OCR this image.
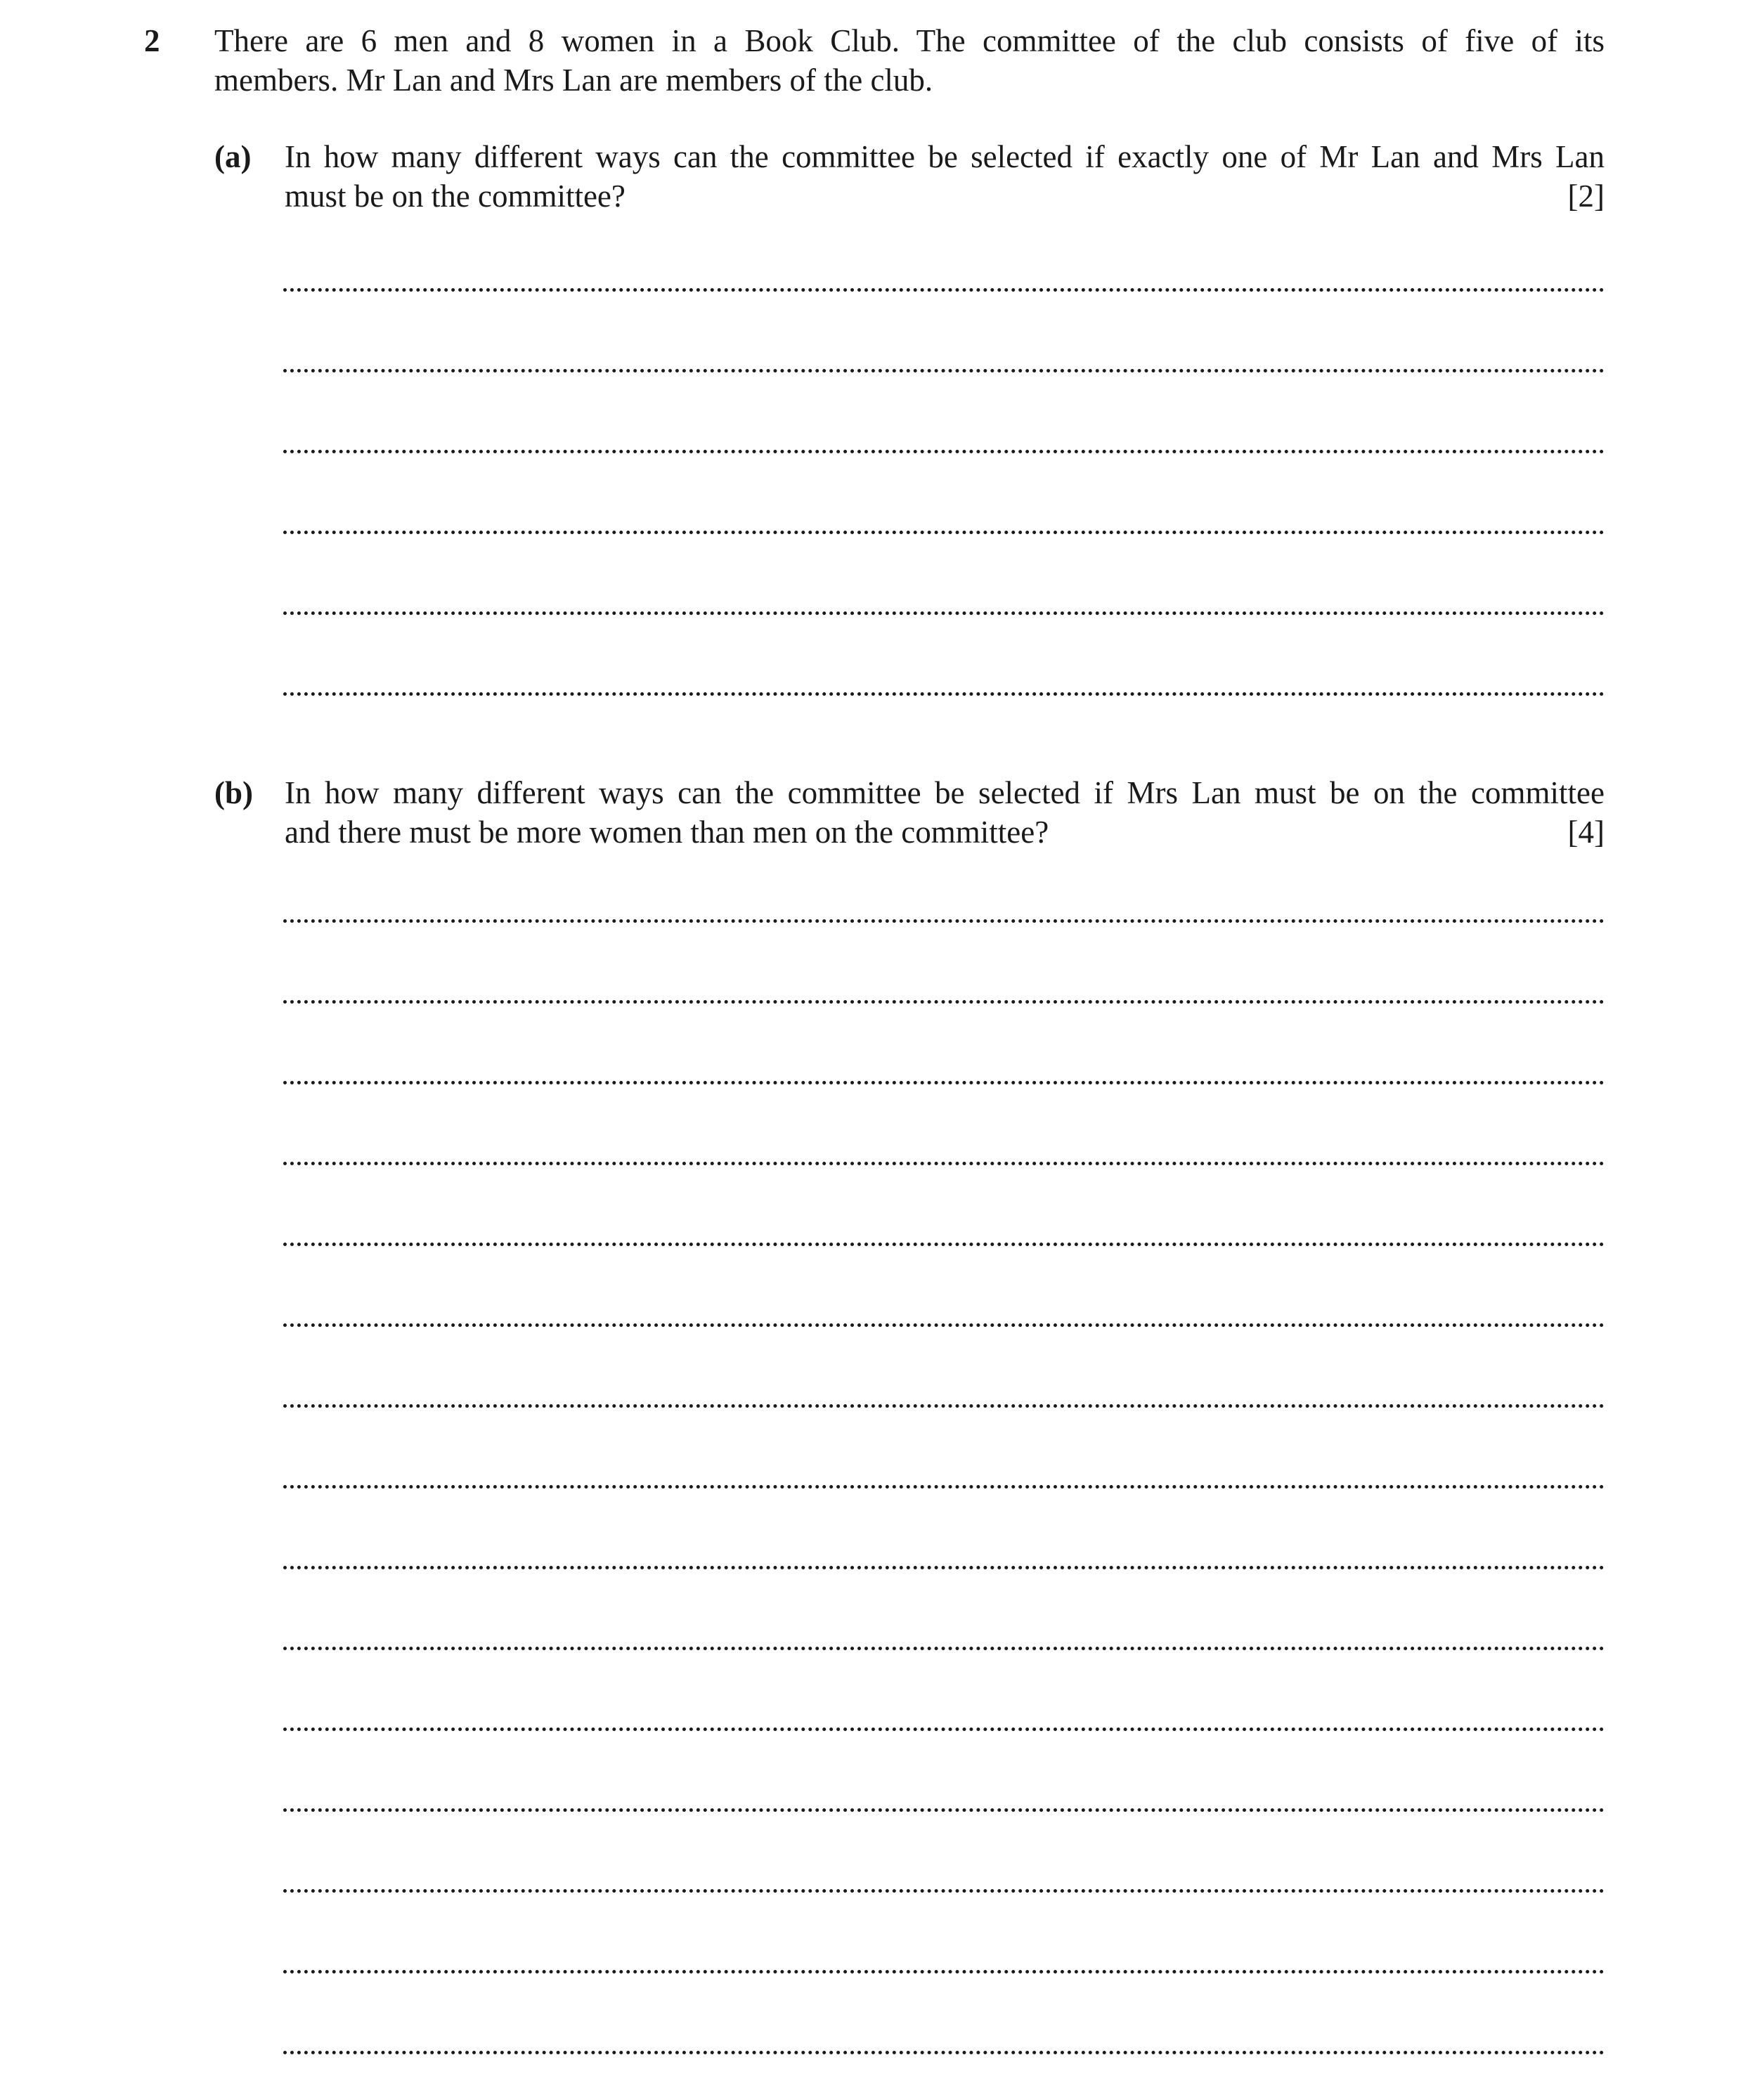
2 There are 6 men and 8 women in a Book Club. The committee of the club consists of five of its
members. Mr Lan and Mrs Lan are members of the club.
(a) In how many different ways can the committee be selected if exactly one of Mr Lan and Mrs Lan
must be on the committee?	[2]
(b) In how many different ways can the committee be selected if Mrs Lan must be on the committee
and there must be more women than men on the committee?	[4]
